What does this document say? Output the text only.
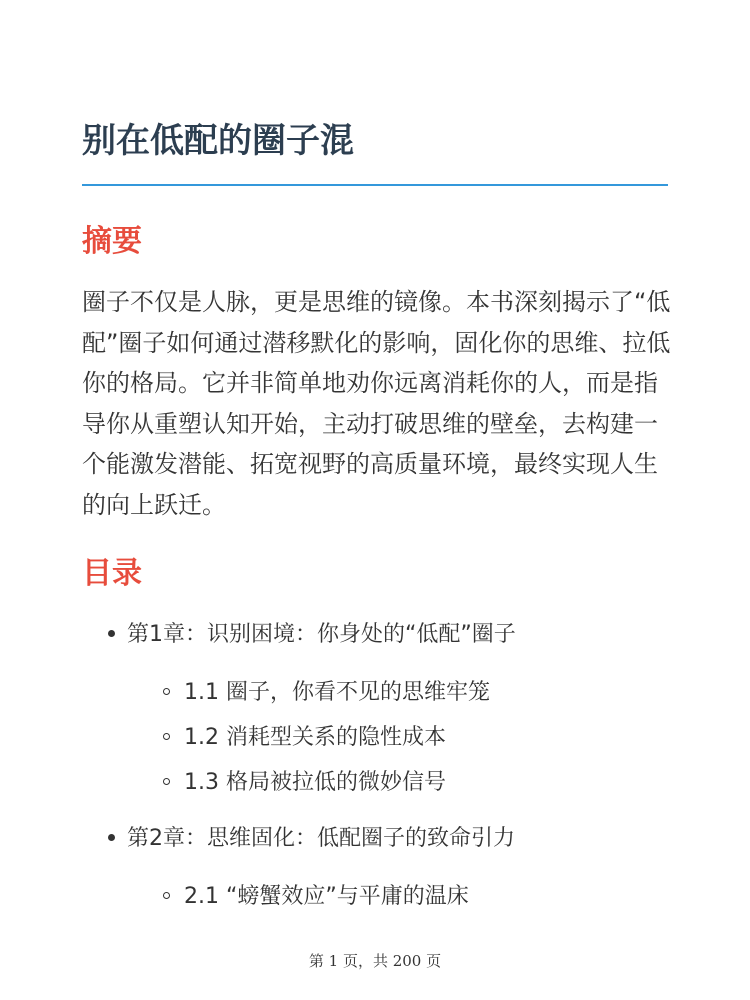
别在低配的圈子混
摘要

圈子不仅是人脉，更是思维的镜像。本书深刻揭示了“低配”圈子如何通过潜移默化的影响，固化你的思维、拉低你的格局。它并非简单地劝你远离消耗你的人，而是指导你从重塑认知开始，主动打破思维的壁垒，去构建一个能激发潜能、拓宽视野的高质量环境，最终实现人生的向上跃迁。

目录
第1章：识别困境：你身处的“低配”圈子
1.1 圈子，你看不见的思维牢笼
1.2 消耗型关系的隐性成本
1.3 格局被拉低的微妙信号
第2章：思维固化：低配圈子的致命引力
2.1 “螃蟹效应”与平庸的温床
第 1 页，共 200 页
